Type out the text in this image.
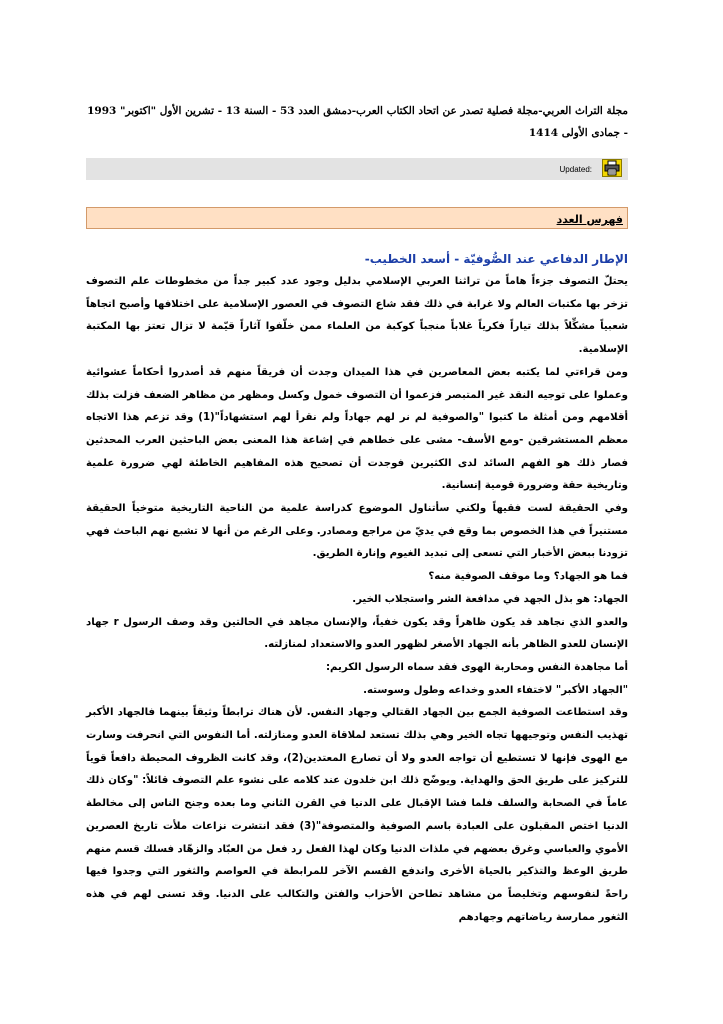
مجلة التراث العربي-مجلة فصلية تصدر عن اتحاد الكتاب العرب-دمشق العدد 53 - السنة 13 - تشرين الأول "اكتوبر" 1993
- جمادى الأولى 1414
Updated:
فهرس العدد
الإطار الدفاعي عند الصُّوفيّة - أسعد الخطيب-

يحتلّ التصوف جزءاً هاماً من تراثنا العربي الإسلامي بدليل وجود عدد كبير جداً من مخطوطات علم التصوف تزخر بها مكتبات العالم ولا غرابة في ذلك فقد شاع التصوف في العصور الإسلامية على اختلافها وأصبح اتجاهاً شعبياً مشكِّلاً بذلك تياراً فكرياً غلاباً منجباً كوكبة من العلماء ممن خلّفوا آثاراً قيّمة لا تزال تعتز بها المكتبة الإسلامية.

ومن قراءتي لما يكتبه بعض المعاصرين في هذا الميدان وجدت أن فريقاً منهم قد أصدروا أحكاماً عشوائية وعملوا على توجيه النقد غير المتبصر فزعموا أن التصوف خمول وكسل ومظهر من مظاهر الضعف فزلت بذلك أقلامهم ومن أمثلة ما كتبوا "والصوفية لم نر لهم جهاداً ولم نقرأ لهم استشهاداً"(1) وقد تزعم هذا الاتجاه معظم المستشرقين -ومع الأسف- مشى على خطاهم في إشاعة هذا المعنى بعض الباحثين العرب المحدثين فصار ذلك هو الفهم السائد لدى الكثيرين فوجدت أن تصحيح هذه المفاهيم الخاطئة لهي ضرورة علمية وتاريخية حقة وضرورة قومية إنسانية.

وفي الحقيقة لست فقيهاً ولكني سأتناول الموضوع كدراسة علمية من الناحية التاريخية متوخياً الحقيقة مستنيراً في هذا الخصوص بما وقع في يديّ من مراجع ومصادر. وعلى الرغم من أنها لا تشبع نهم الباحث فهي تزودنا ببعض الأخبار التي تسعى إلى تبديد الغيوم وإنارة الطريق.

فما هو الجهاد؟ وما موقف الصوفية منه؟

الجهاد: هو بذل الجهد في مدافعة الشر واستجلاب الخير.

والعدو الذي نجاهد قد يكون ظاهراً وقد يكون خفياً، والإنسان مجاهد في الحالتين وقد وصف الرسول r جهاد الإنسان للعدو الظاهر بأنه الجهاد الأصغر لظهور العدو والاستعداد لمنازلته.

أما مجاهدة النفس ومحاربة الهوى فقد سماه الرسول الكريم:

"الجهاد الأكبر" لاختفاء العدو وخداعه وطول وسوسته.

وقد استطاعت الصوفية الجمع بين الجهاد القتالي وجهاد النفس. لأن هناك ترابطاً وثيقاً بينهما فالجهاد الأكبر تهذيب النفس وتوجيهها تجاه الخير وهي بذلك تستعد لملاقاة العدو ومنازلته. أما النفوس التي انحرفت وسارت مع الهوى فإنها لا تستطيع أن تواجه العدو ولا أن تصارع المعتدين(2)، وقد كانت الظروف المحيطة دافعاً قوياً للتركيز على طريق الحق والهداية. ويوضّح ذلك ابن خلدون عند كلامه على نشوء علم التصوف قائلاً: "وكان ذلك عاماً في الصحابة والسلف فلما فشا الإقبال على الدنيا في القرن الثاني وما بعده وجنح الناس إلى مخالطة الدنيا اختص المقبلون على العبادة باسم الصوفية والمتصوفة"(3) فقد انتشرت نزاعات ملأت تاريخ العصرين الأموي والعباسي وغرق بعضهم في ملذات الدنيا وكان لهذا الفعل رد فعل من العبّاد والزهّاد فسلك قسم منهم طريق الوعظ والتذكير بالحياة الأخرى واندفع القسم الآخر للمرابطة في العواصم والثغور التي وجدوا فيها راحةً لنفوسهم وتخليصاً من مشاهد تطاحن الأحزاب والفتن والتكالب على الدنيا. وقد تسنى لهم في هذه الثغور ممارسة رياضاتهم وجهادهم
